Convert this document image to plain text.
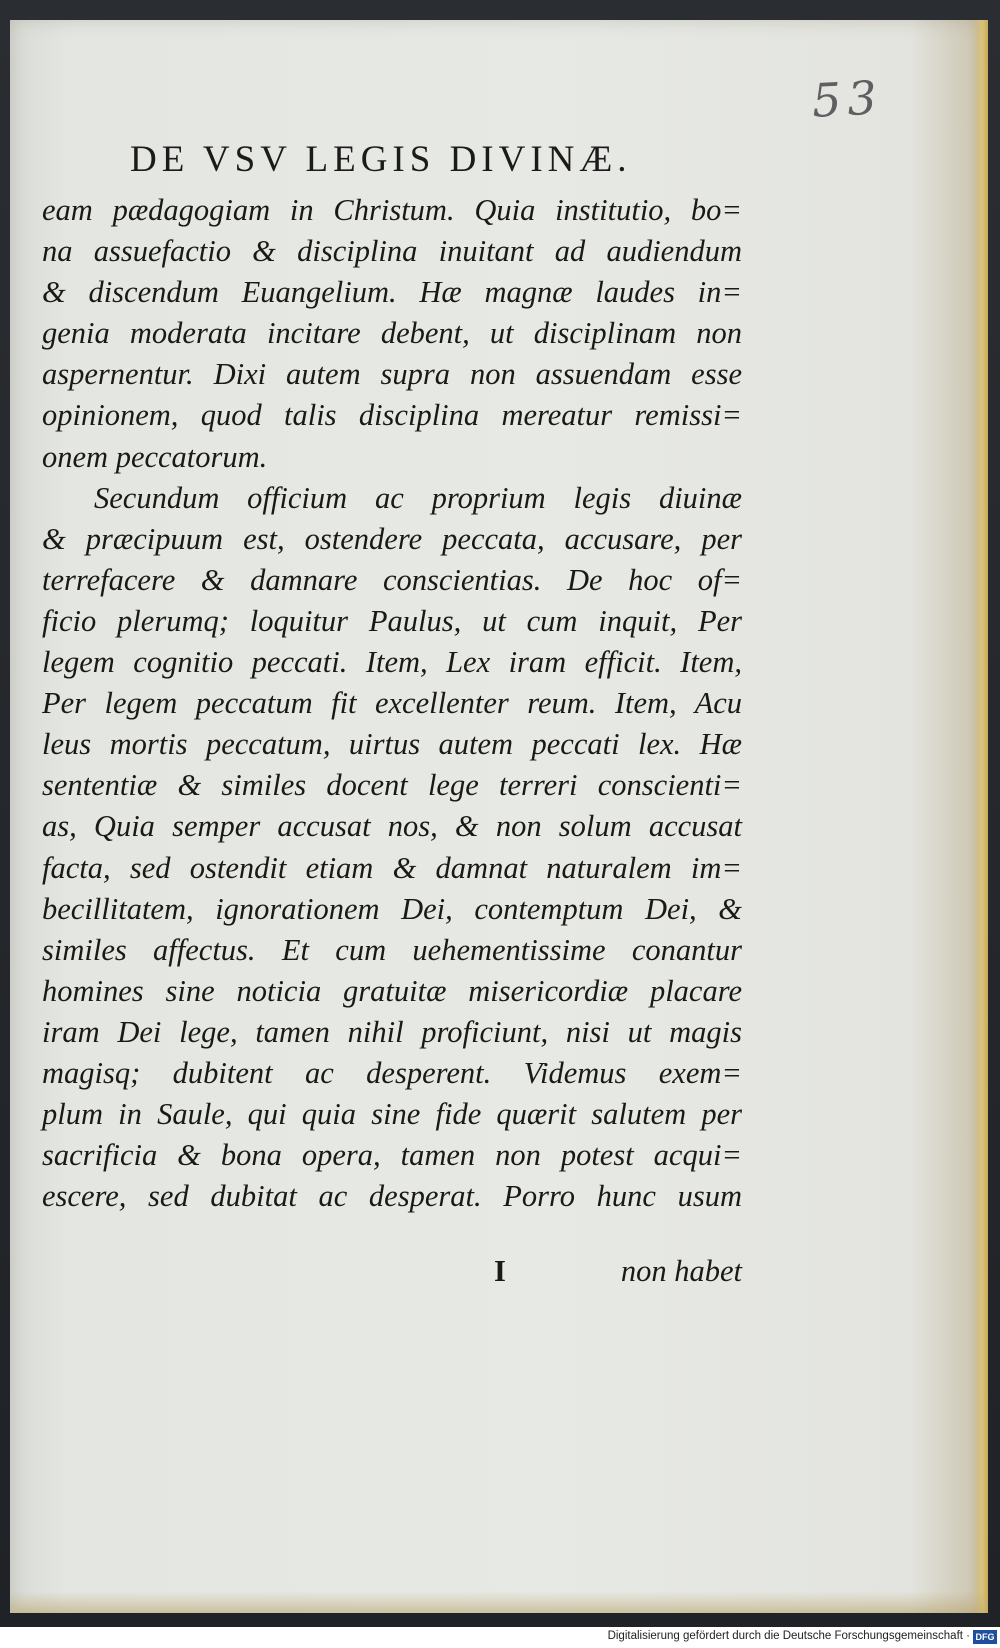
53
DE VSV LEGIS DIVINÆ.
eam pædagogiam in Christum. Quia institutio, bo=
na assuefactio & disciplina inuitant ad audiendum
& discendum Euangelium. Hæ magnæ laudes in=
genia moderata incitare debent, ut disciplinam non
aspernentur. Dixi autem supra non assuendam esse
opinionem, quod talis disciplina mereatur remissi=
onem peccatorum.
Secundum officium ac proprium legis diuinæ
& præcipuum est, ostendere peccata, accusare, per
terrefacere & damnare conscientias. De hoc of=
ficio plerumq; loquitur Paulus, ut cum inquit, Per
legem cognitio peccati. Item, Lex iram efficit. Item,
Per legem peccatum fit excellenter reum. Item, Acu
leus mortis peccatum, uirtus autem peccati lex. Hæ
sententiæ & similes docent lege terreri conscienti=
as, Quia semper accusat nos, & non solum accusat
facta, sed ostendit etiam & damnat naturalem im=
becillitatem, ignorationem Dei, contemptum Dei, &
similes affectus. Et cum uehementissime conantur
homines sine noticia gratuitæ misericordiæ placare
iram Dei lege, tamen nihil proficiunt, nisi ut magis
magisq; dubitent ac desperent. Videmus exem=
plum in Saule, qui quia sine fide quærit salutem per
sacrificia & bona opera, tamen non potest acqui=
escere, sed dubitat ac desperat. Porro hunc usum
I	non habet
Digitalisierung gefördert durch die Deutsche Forschungsgemeinschaft · DFG
